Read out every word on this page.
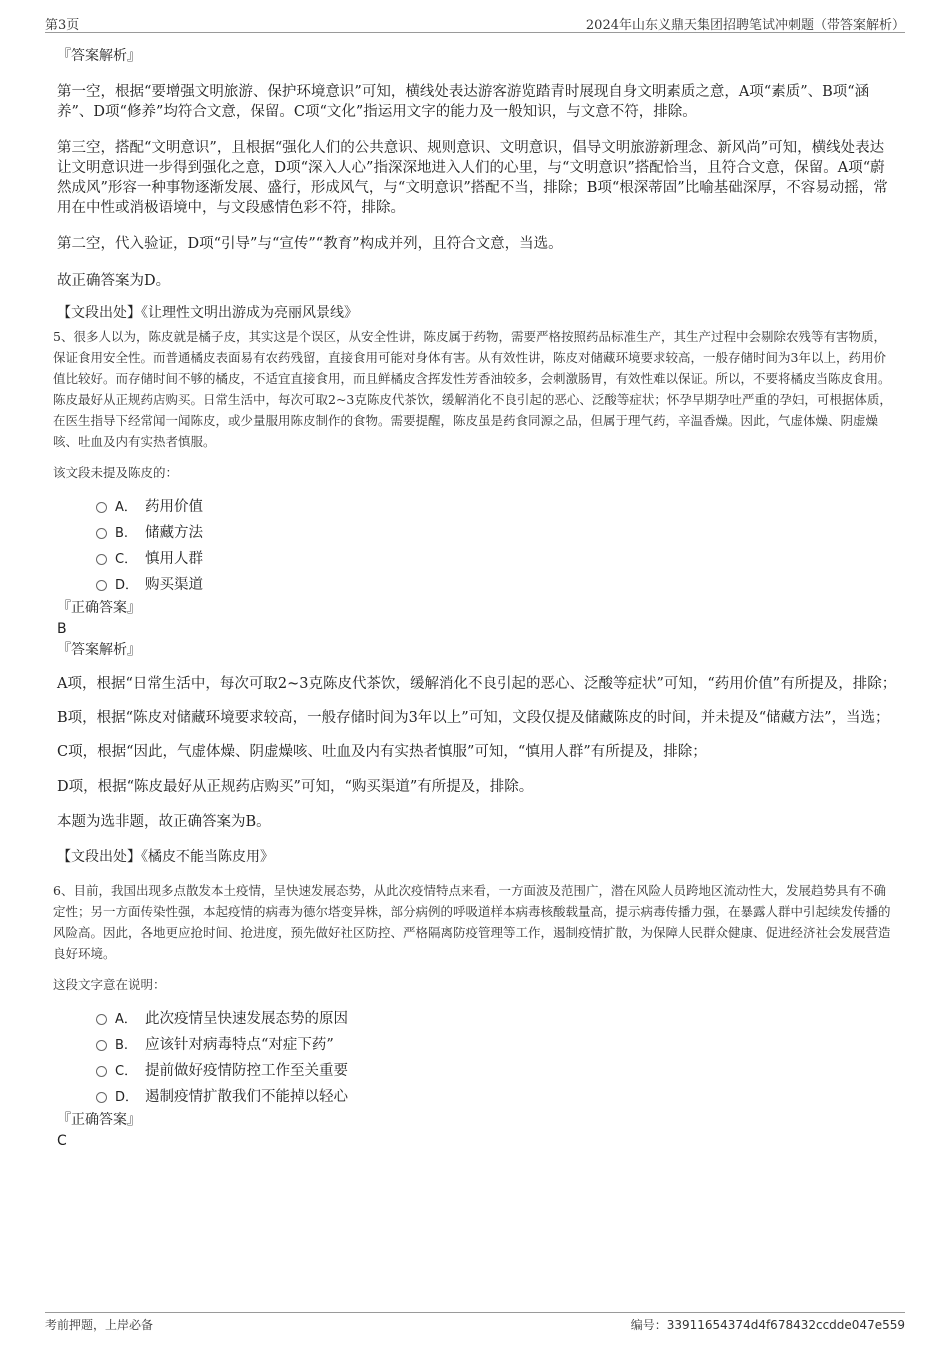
第3页	2024年山东义鼎天集团招聘笔试冲刺题（带答案解析）

『答案解析』

第一空，根据“要增强文明旅游、保护环境意识”可知，横线处表达游客游览踏青时展现自身文明素质之意，A项“素质”、B项“涵养”、D项“修养”均符合文意，保留。C项“文化”指运用文字的能力及一般知识，与文意不符，排除。

第三空，搭配“文明意识”，且根据“强化人们的公共意识、规则意识、文明意识，倡导文明旅游新理念、新风尚”可知，横线处表达让文明意识进一步得到强化之意，D项“深入人心”指深深地进入人们的心里，与“文明意识”搭配恰当，且符合文意，保留。A项“蔚然成风”形容一种事物逐渐发展、盛行，形成风气，与“文明意识”搭配不当，排除；B项“根深蒂固”比喻基础深厚，不容易动摇，常用在中性或消极语境中，与文段感情色彩不符，排除。

第二空，代入验证，D项“引导”与“宣传”“教育”构成并列，且符合文意，当选。

故正确答案为D。

【文段出处】《让理性文明出游成为亮丽风景线》

5、很多人以为，陈皮就是橘子皮，其实这是个误区，从安全性讲，陈皮属于药物，需要严格按照药品标准生产，其生产过程中会剔除农残等有害物质，保证食用安全性。而普通橘皮表面易有农药残留，直接食用可能对身体有害。从有效性讲，陈皮对储藏环境要求较高，一般存储时间为3年以上，药用价值比较好。而存储时间不够的橘皮，不适宜直接食用，而且鲜橘皮含挥发性芳香油较多，会刺激肠胃，有效性难以保证。所以，不要将橘皮当陈皮食用。陈皮最好从正规药店购买。日常生活中，每次可取2~3克陈皮代茶饮，缓解消化不良引起的恶心、泛酸等症状；怀孕早期孕吐严重的孕妇，可根据体质，在医生指导下经常闻一闻陈皮，或少量服用陈皮制作的食物。需要提醒，陈皮虽是药食同源之品，但属于理气药，辛温香燥。因此，气虚体燥、阴虚燥咳、吐血及内有实热者慎服。

该文段未提及陈皮的：

A． 药用价值
B. 储藏方法
C． 慎用人群
D． 购买渠道

『正确答案』

B

『答案解析』

A项，根据“日常生活中，每次可取2~3克陈皮代茶饮，缓解消化不良引起的恶心、泛酸等症状”可知，“药用价值”有所提及，排除；

B项，根据“陈皮对储藏环境要求较高，一般存储时间为3年以上”可知，文段仅提及储藏陈皮的时间，并未提及“储藏方法”，当选；

C项，根据“因此，气虚体燥、阴虚燥咳、吐血及内有实热者慎服”可知，“慎用人群”有所提及，排除；

D项，根据“陈皮最好从正规药店购买”可知，“购买渠道”有所提及，排除。

本题为选非题，故正确答案为B。

【文段出处】《橘皮不能当陈皮用》

6、目前，我国出现多点散发本土疫情，呈快速发展态势，从此次疫情特点来看，一方面波及范围广，潜在风险人员跨地区流动性大，发展趋势具有不确定性；另一方面传染性强，本起疫情的病毒为德尔塔变异株，部分病例的呼吸道样本病毒核酸载量高，提示病毒传播力强，在暴露人群中引起续发传播的风险高。因此，各地更应抢时间、抢进度，预先做好社区防控、严格隔离防疫管理等工作，遏制疫情扩散，为保障人民群众健康、促进经济社会发展营造良好环境。

这段文字意在说明：

A． 此次疫情呈快速发展态势的原因
B. 应该针对病毒特点“对症下药”
C． 提前做好疫情防控工作至关重要
D． 遏制疫情扩散我们不能掉以轻心

『正确答案』

C

考前押题，上岸必备	编号：33911654374d4f678432ccdde047e559
